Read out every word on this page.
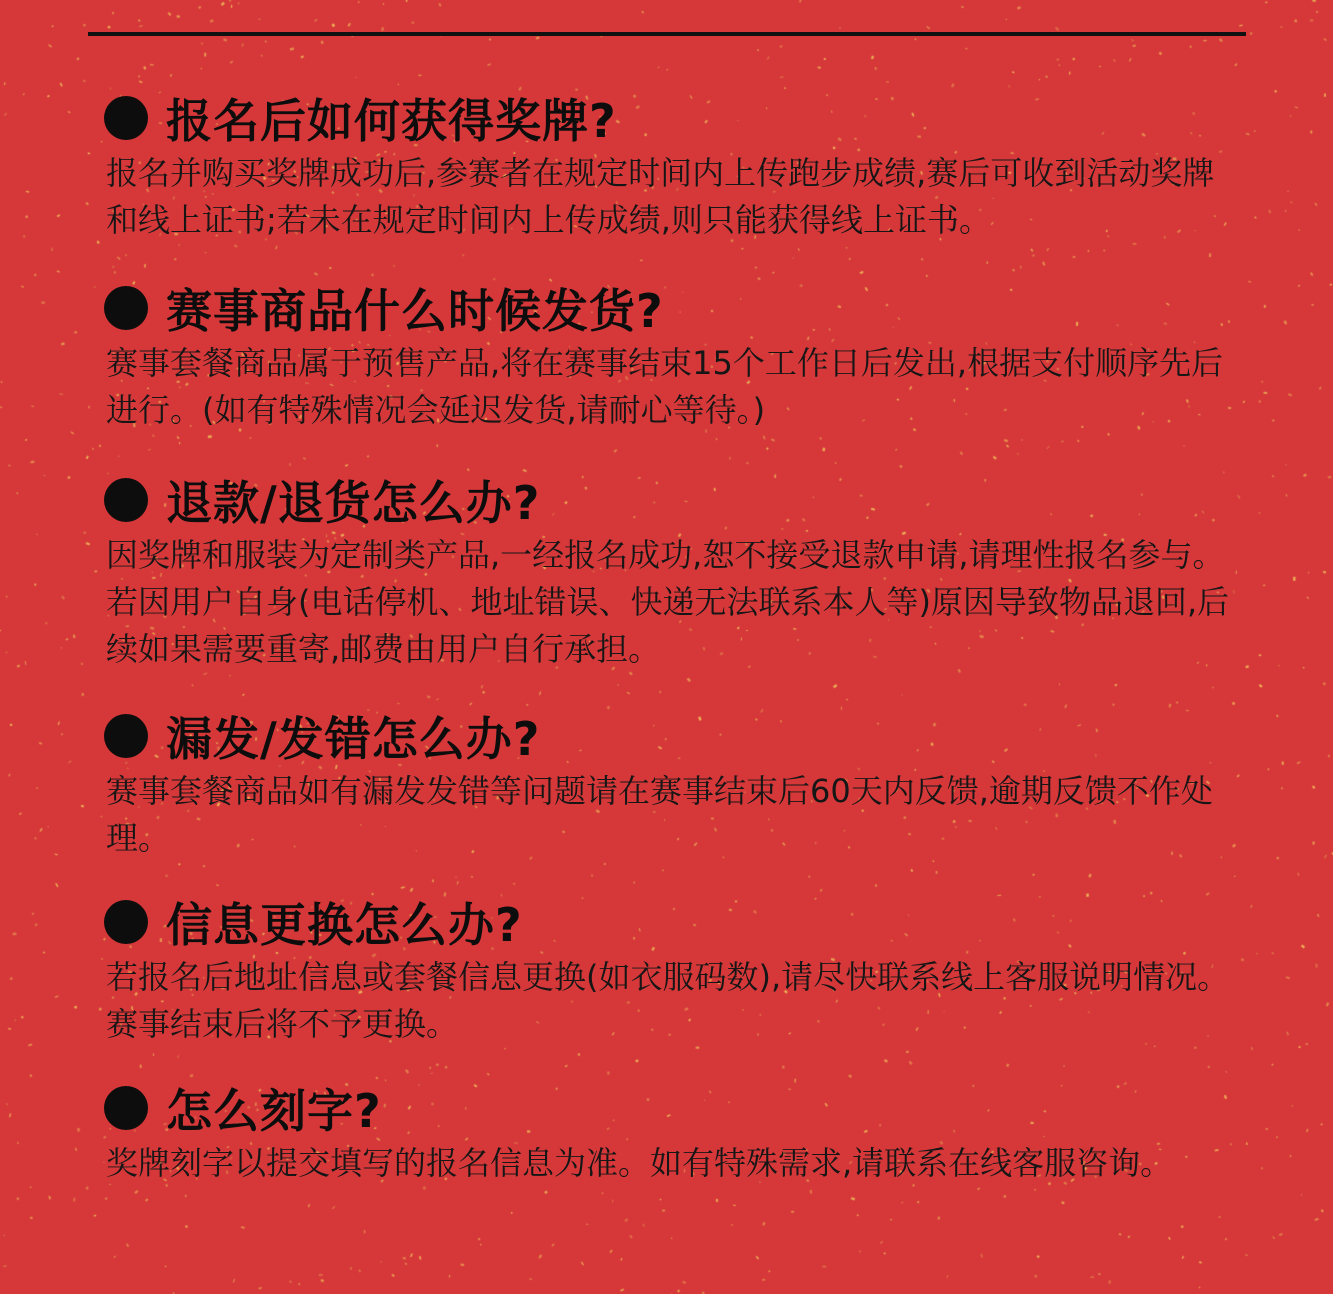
报名后如何获得奖牌?

报名并购买奖牌成功后,参赛者在规定时间内上传跑步成绩,赛后可收到活动奖牌和线上证书;若未在规定时间内上传成绩,则只能获得线上证书。

赛事商品什么时候发货?

赛事套餐商品属于预售产品,将在赛事结束15个工作日后发出,根据支付顺序先后进行。(如有特殊情况会延迟发货,请耐心等待。)

退款/退货怎么办?

因奖牌和服装为定制类产品,一经报名成功,恕不接受退款申请,请理性报名参与。若因用户自身(电话停机、地址错误、快递无法联系本人等)原因导致物品退回,后续如果需要重寄,邮费由用户自行承担。

漏发/发错怎么办?

赛事套餐商品如有漏发发错等问题请在赛事结束后60天内反馈,逾期反馈不作处理。

信息更换怎么办?

若报名后地址信息或套餐信息更换(如衣服码数),请尽快联系线上客服说明情况。赛事结束后将不予更换。

怎么刻字?

奖牌刻字以提交填写的报名信息为准。如有特殊需求,请联系在线客服咨询。
